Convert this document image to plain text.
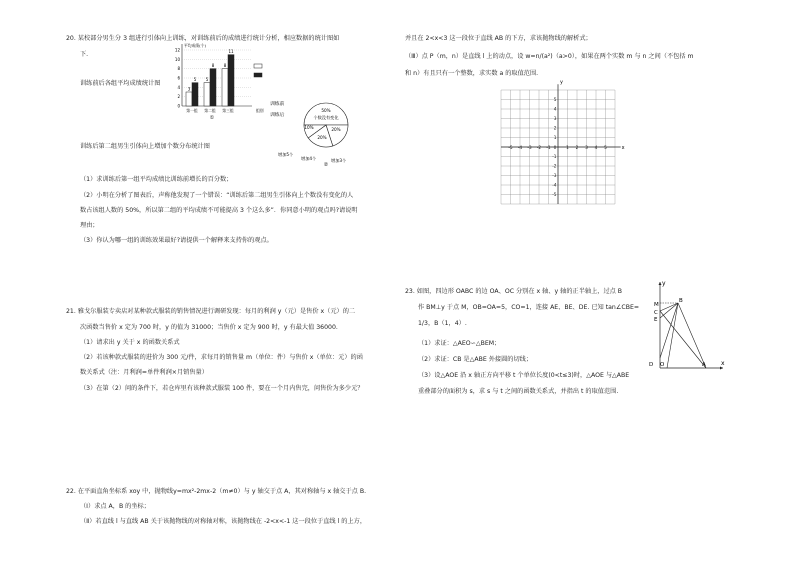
20. 某校部分男生分 3 组进行引体向上训练，对训练前后的成绩进行统计分析，相应数据的统计图如
下.
训练前后各组平均成绩统计图
平均成绩(个)
0
2
4
6
8
10
12
3
5
第一组
5
8
第二组
8
11
第三组	组别
①
训练前
训练后
50%
个数没有变化
20%
增加3个
20%
增加4个
10%
增加5个
②
训练后第二组男生引体向上增加个数分布统计图
（1）求训练后第一组平均成绩比训练前增长的百分数；
（2）小明在分析了图表后，声称他发现了一个错误：“训练后第二组男生引体向上个数没有变化的人
数占该组人数的 50%，所以第二组的平均成绩不可能提高 3 个这么多”．你同意小明的观点吗?请说明
理由；
（3）你认为哪一组的训练效果最好?请提供一个解释来支持你的观点。
21. 雅戈尔服装专卖店对某种款式服装的销售情况进行调研发现：每月的利润 y（元）是售价 x（元）的二
次函数当售价 x 定为 700 时，y 的值为 31000；当售价 x 定为 900 时，y 有最大值 36000.
（1）请求出 y 关于 x 的函数关系式
（2）若该种款式服装的进价为 300 元/件，求每月的销售量 m（单位：件）与售价 x（单位：元）的函
数关系式（注：月利润=单件利润×月销售量）
（3）在第（2）问的条件下，若仓库里有该种款式服装 100 件，要在一个月内售完，问售价为多少元？
22. 在平面直角坐标系 xoy 中，抛物线y=mx²-2mx-2（m≠0）与 y 轴交于点 A，其对称轴与 x 轴交于点 B.
（Ⅰ）求点 A，B 的坐标；
（Ⅱ）若直线 l 与直线 AB 关于该抛物线的对称轴对称，该抛物线在 -2<x<-1 这一段位于直线 l 的上方，
并且在 2<x<3 这一段位于直线 AB 的下方，求该抛物线的解析式；
（Ⅲ）点 P（m，n）是直线 l 上的动点，设 w=n/(a²)（a>0），如果在两个实数 m 与 n 之间（不包括 m
和 n）有且只有一个整数，求实数 a 的取值范围.
x
y
-5 -4 -3 -2 -1 0 1 2 3 4 5
5
4
3
2
1
-1
-2
-3
-4
-5
23. 如图，四边形 OABC 的边 OA、OC 分别在 x 轴、y 轴的正半轴上，过点 B
作 BM⊥y 于点 M，OB=OA=5，CO=1，连接 AE、BE、DE. 已知 tan∠CBE=
1/3，B（1，4）.
（1）求证：△AEO∽△BEM；
（2）求证：CB 是△ABE 外接圆的切线；
（3）设△AOE 沿 x 轴正方向平移 t 个单位长度(0<t≤3)时，△AOE 与△ABE
重叠部分的面积为 s，求 s 与 t 之间的函数关系式，并指出 t 的取值范围.
y
x
M
B
C
E
D O	A
